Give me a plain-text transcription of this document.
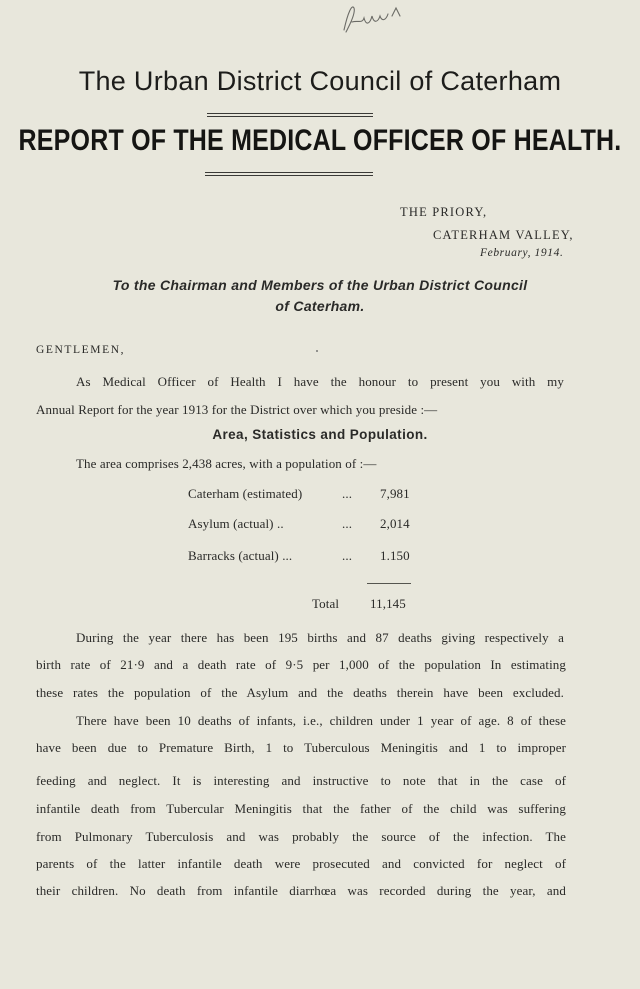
The Urban District Council of Caterham
REPORT OF THE MEDICAL OFFICER OF HEALTH.
THE PRIORY,
CATERHAM VALLEY,
February, 1914.
To the Chairman and Members of the Urban District Council
of Caterham.
GENTLEMEN,
As Medical Officer of Health I have the honour to present you with my
Annual Report for the year 1913 for the District over which you preside :—
Area, Statistics and Population.
The area comprises 2,438 acres, with a population of :—
Caterham (estimated)	... 7,981
Asylum (actual) ..	... 2,014
Barracks (actual) ...	... 1.150
Total 11,145
During the year there has been 195 births and 87 deaths giving respectively a
birth rate of 21·9 and a death rate of 9·5 per 1,000 of the population In estimating
these rates the population of the Asylum and the deaths therein have been excluded.
There have been 10 deaths of infants, i.e., children under 1 year of age. 8 of these
have been due to Premature Birth, 1 to Tuberculous Meningitis and 1 to improper
feeding and neglect. It is interesting and instructive to note that in the case of
infantile death from Tubercular Meningitis that the father of the child was suffering
from Pulmonary Tuberculosis and was probably the source of the infection. The
parents of the latter infantile death were prosecuted and convicted for neglect of
their children. No death from infantile diarrhœa was recorded during the year, and
